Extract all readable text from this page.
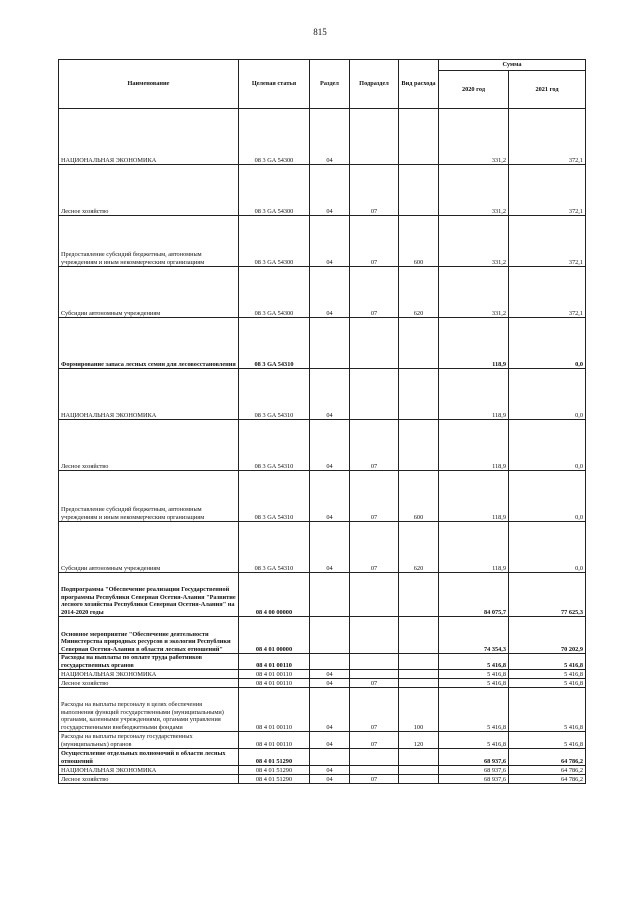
815
Наименование	Целевая статья	Раздел	Подраздел	Вид расхода	Сумма	
					2020 год	2021 год
НАЦИОНАЛЬНАЯ ЭКОНОМИКА	08 3 GA 54300	04			331,2	372,1
Лесное хозяйство	08 3 GA 54300	04	07		331,2	372,1
Предоставление субсидий бюджетным, автономным учреждениям и иным некоммерческим организациям	08 3 GA 54300	04	07	600	331,2	372,1
Субсидии автономным учреждениям	08 3 GA 54300	04	07	620	331,2	372,1
Формирование запаса лесных семян для лесовосстановления	08 3 GA 54310				118,9	0,0
НАЦИОНАЛЬНАЯ ЭКОНОМИКА	08 3 GA 54310	04			118,9	0,0
Лесное хозяйство	08 3 GA 54310	04	07		118,9	0,0
Предоставление субсидий бюджетным, автономным учреждениям и иным некоммерческим организациям	08 3 GA 54310	04	07	600	118,9	0,0
Субсидии автономным учреждениям	08 3 GA 54310	04	07	620	118,9	0,0
Подпрограмма "Обеспечение реализации Государственной программы Республики Северная Осетия-Алания "Развитие лесного хозяйства Республики Северная Осетия-Алания" на 2014-2020 годы	08 4 00 00000				84 075,7	77 625,3
Основное мероприятие "Обеспечение деятельности Министерства природных ресурсов и экологии Республики Северная Осетия-Алания в области лесных отношений"	08 4 01 00000				74 354,3	70 202,9
Расходы на выплаты по оплате труда работников государственных органов	08 4 01 00110				5 416,8	5 416,8
НАЦИОНАЛЬНАЯ ЭКОНОМИКА	08 4 01 00110	04			5 416,8	5 416,8
Лесное хозяйство	08 4 01 00110	04	07		5 416,8	5 416,8
Расходы на выплаты персоналу в целях обеспечения выполнения функций государственными (муниципальными) органами, казенными учреждениями, органами управления государственными внебюджетными фондами	08 4 01 00110	04	07	100	5 416,8	5 416,8
Расходы на выплаты персоналу государственных (муниципальных) органов	08 4 01 00110	04	07	120	5 416,8	5 416,8
Осуществление отдельных полномочий в области лесных отношений	08 4 01 51290				68 937,6	64 786,2
НАЦИОНАЛЬНАЯ ЭКОНОМИКА	08 4 01 51290	04			68 937,6	64 786,2
Лесное хозяйство	08 4 01 51290	04	07		68 937,6	64 786,2
